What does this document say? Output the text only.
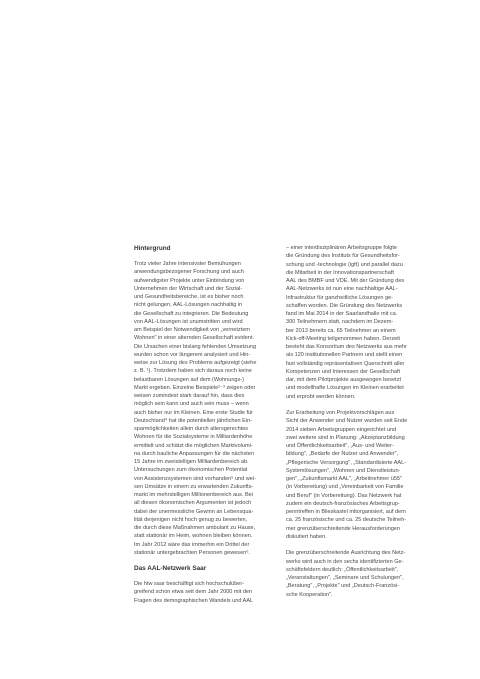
Hintergrund
Trotz vieler Jahre intensivster Bemühungen
anwendungsbezogener Forschung und auch
aufwendigster Projekte unter Einbindung von
Unternehmen der Wirtschaft und der Sozial-
und Gesundheitsbereiche, ist es bisher noch
nicht gelungen, AAL-Lösungen nachhaltig in
die Gesellschaft zu integrieren. Die Bedeutung
von AAL-Lösungen ist unumstritten und wird
am Beispiel der Notwendigkeit von „vernetztem
Wohnen" in einer alternden Gesellschaft evident.
Die Ursachen einer bislang fehlenden Umsetzung
wurden schon vor längerem analysiert und Hin-
weise zur Lösung des Problems aufgezeigt (siehe
z. B. ¹). Trotzdem haben sich daraus noch keine
belastbaren Lösungen auf dem (Wohnungs-)
Markt ergeben. Einzelne Beispiele²⁻³ zeigen oder
weisen zumindest stark darauf hin, dass dies
möglich sein kann und auch sein muss – wenn
auch bisher nur im Kleinen. Eine erste Studie für
Deutschland⁴ hat die potentiellen jährlichen Ein-
sparmöglichkeiten allein durch altersgerechtes
Wohnen für die Sozialsysteme in Milliardenhöhe
ermittelt und schätzt die möglichen Marktvolumi-
na durch bauliche Anpassungen für die nächsten
15 Jahre im zweistelligen Milliardenbereich ab.
Untersuchungen zum ökonomischen Potential
von Assistenzsystemen sind vorhanden⁵ und wei-
sen Umsätze in einem zu erwartenden Zukunfts-
markt im mehrstelligen Millionenbereich aus. Bei
all diesen ökonomischen Argumenten ist jedoch
dabei der unermessliche Gewinn an Lebensqua-
lität derjenigen nicht hoch genug zu bewerten,
die durch diese Maßnahmen ambulant zu Hause,
statt stationär im Heim, wohnen bleiben können.
Im Jahr 2012 wäre das immerhin ein Drittel der
stationär untergebrachten Personen gewesen⁶.
Das AAL-Netzwerk Saar
Die htw saar beschäftigt sich hochschulüber-
greifend schon etwa seit dem Jahr 2000 mit den
Fragen des demographischen Wandels und AAL
– einer interdisziplinären Arbeitsgruppe folgte
die Gründung des Instituts für Gesundheitsfor-
schung und -technologie (igft) und parallel dazu
die Mitarbeit in der Innovationspartnerschaft
AAL des BMBF und VDE. Mit der Gründung des
AAL-Netzwerks ist nun eine nachhaltige AAL-
Infrastruktur für ganzheitliche Lösungen ge-
schaffen worden. Die Gründung des Netzwerks
fand im Mai 2014 in der Saarlandhalle mit ca.
300 Teilnehmern statt, nachdem im Dezem-
ber 2013 bereits ca. 65 Teilnehmer an einem
Kick-off-Meeting teilgenommen haben. Derzeit
besteht das Konsortium des Netzwerks aus mehr
als 120 institutionellen Partnern und stellt einen
fast vollständig repräsentativen Querschnitt aller
Kompetenzen und Interessen der Gesellschaft
dar, mit dem Pilotprojekte ausgewogen besetzt
und modellhafte Lösungen im Kleinen erarbeitet
und erprobt werden können.
Zur Erarbeitung von Projektvorschlägen aus
Sicht der Anwender und Nutzer wurden seit Ende
2014 sieben Arbeitsgruppen eingerichtet und
zwei weitere sind in Planung: „Akzeptanzbildung
und Öffentlichkeitsarbeit", „Aus- und Weiter-
bildung", „Bedarfe der Nutzer und Anwender",
„Pflegerische Versorgung", „Standardisierte AAL-
Systemlösungen", „Wohnen und Dienstleistun-
gen", „Zukunftsmarkt AAL", „Arbeitnehmer ü55"
(in Vorbereitung) und „Vereinbarkeit von Familie
und Beruf" (in Vorbereitung). Das Netzwerk hat
zudem ein deutsch-französisches Arbeitsgrup-
penntreffen in Blieskastel mitorganisiert, auf dem
ca. 25 französische und ca. 25 deutsche Teilneh-
mer grenzüberschreitende Herausforderungen
diskutiert haben.
Die grenzüberschreitende Ausrichtung des Netz-
werks wird auch in den sechs identifizierten Ge-
schäftsfeldern deutlich: „Öffentlichkeitsarbeit",
„Veranstaltungen", „Seminare und Schulungen",
„Beratung", „Projekte" und „Deutsch-Französi-
sche Kooperation".
